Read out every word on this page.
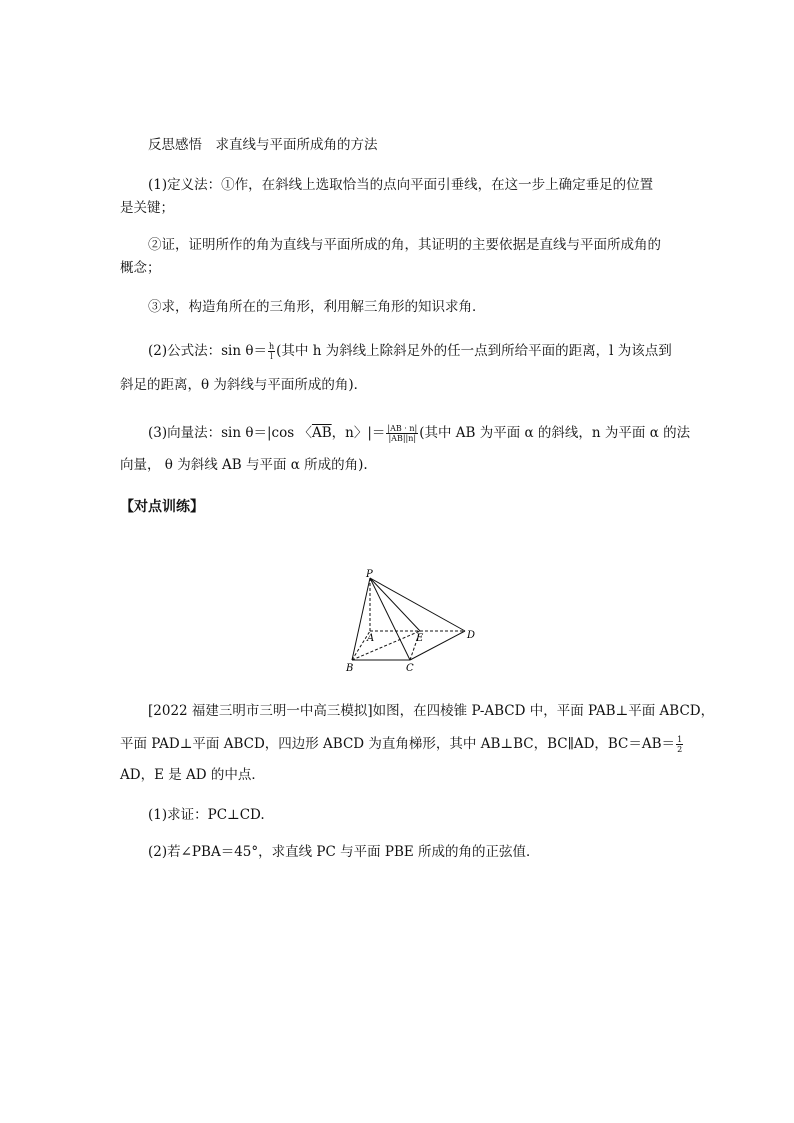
反思感悟　求直线与平面所成角的方法
(1)定义法：①作，在斜线上选取恰当的点向平面引垂线，在这一步上确定垂足的位置
是关键；
②证，证明所作的角为直线与平面所成的角，其证明的主要依据是直线与平面所成角的
概念；
③求，构造角所在的三角形，利用解三角形的知识求角．
(2)公式法：$\sin \theta= \frac{h}{l}$ (其中 h 为斜线上除斜足外的任一点到所给平面的距离，l 为该点到
斜足的距离，θ 为斜线与平面所成的角)．
(3)向量法：sin θ＝|cos 〈$\overline{AB}$，n〉|＝ $\frac{|AB \cdot n|}{|AB||n|}$ (其中 AB 为平面 α 的斜线，n 为平面 α 的法
向量， θ 为斜线 AB 与平面 α 所成的角).
【对点训练】
P
A	E	D
B	C
[2022 福建三明市三明一中高三模拟]如图，在四棱锥 P-ABCD 中，平面 PAB⊥平面 ABCD，
平面 PAD⊥平面 ABCD，四边形 ABCD 为直角梯形，其中 AB⊥BC，BC∥AD，$BC=AB= \frac{1}{2}$
AD，E 是 AD 的中点．
(1)求证：PC⊥CD.
(2)若∠PBA＝45°，求直线 PC 与平面 PBE 所成的角的正弦值．
